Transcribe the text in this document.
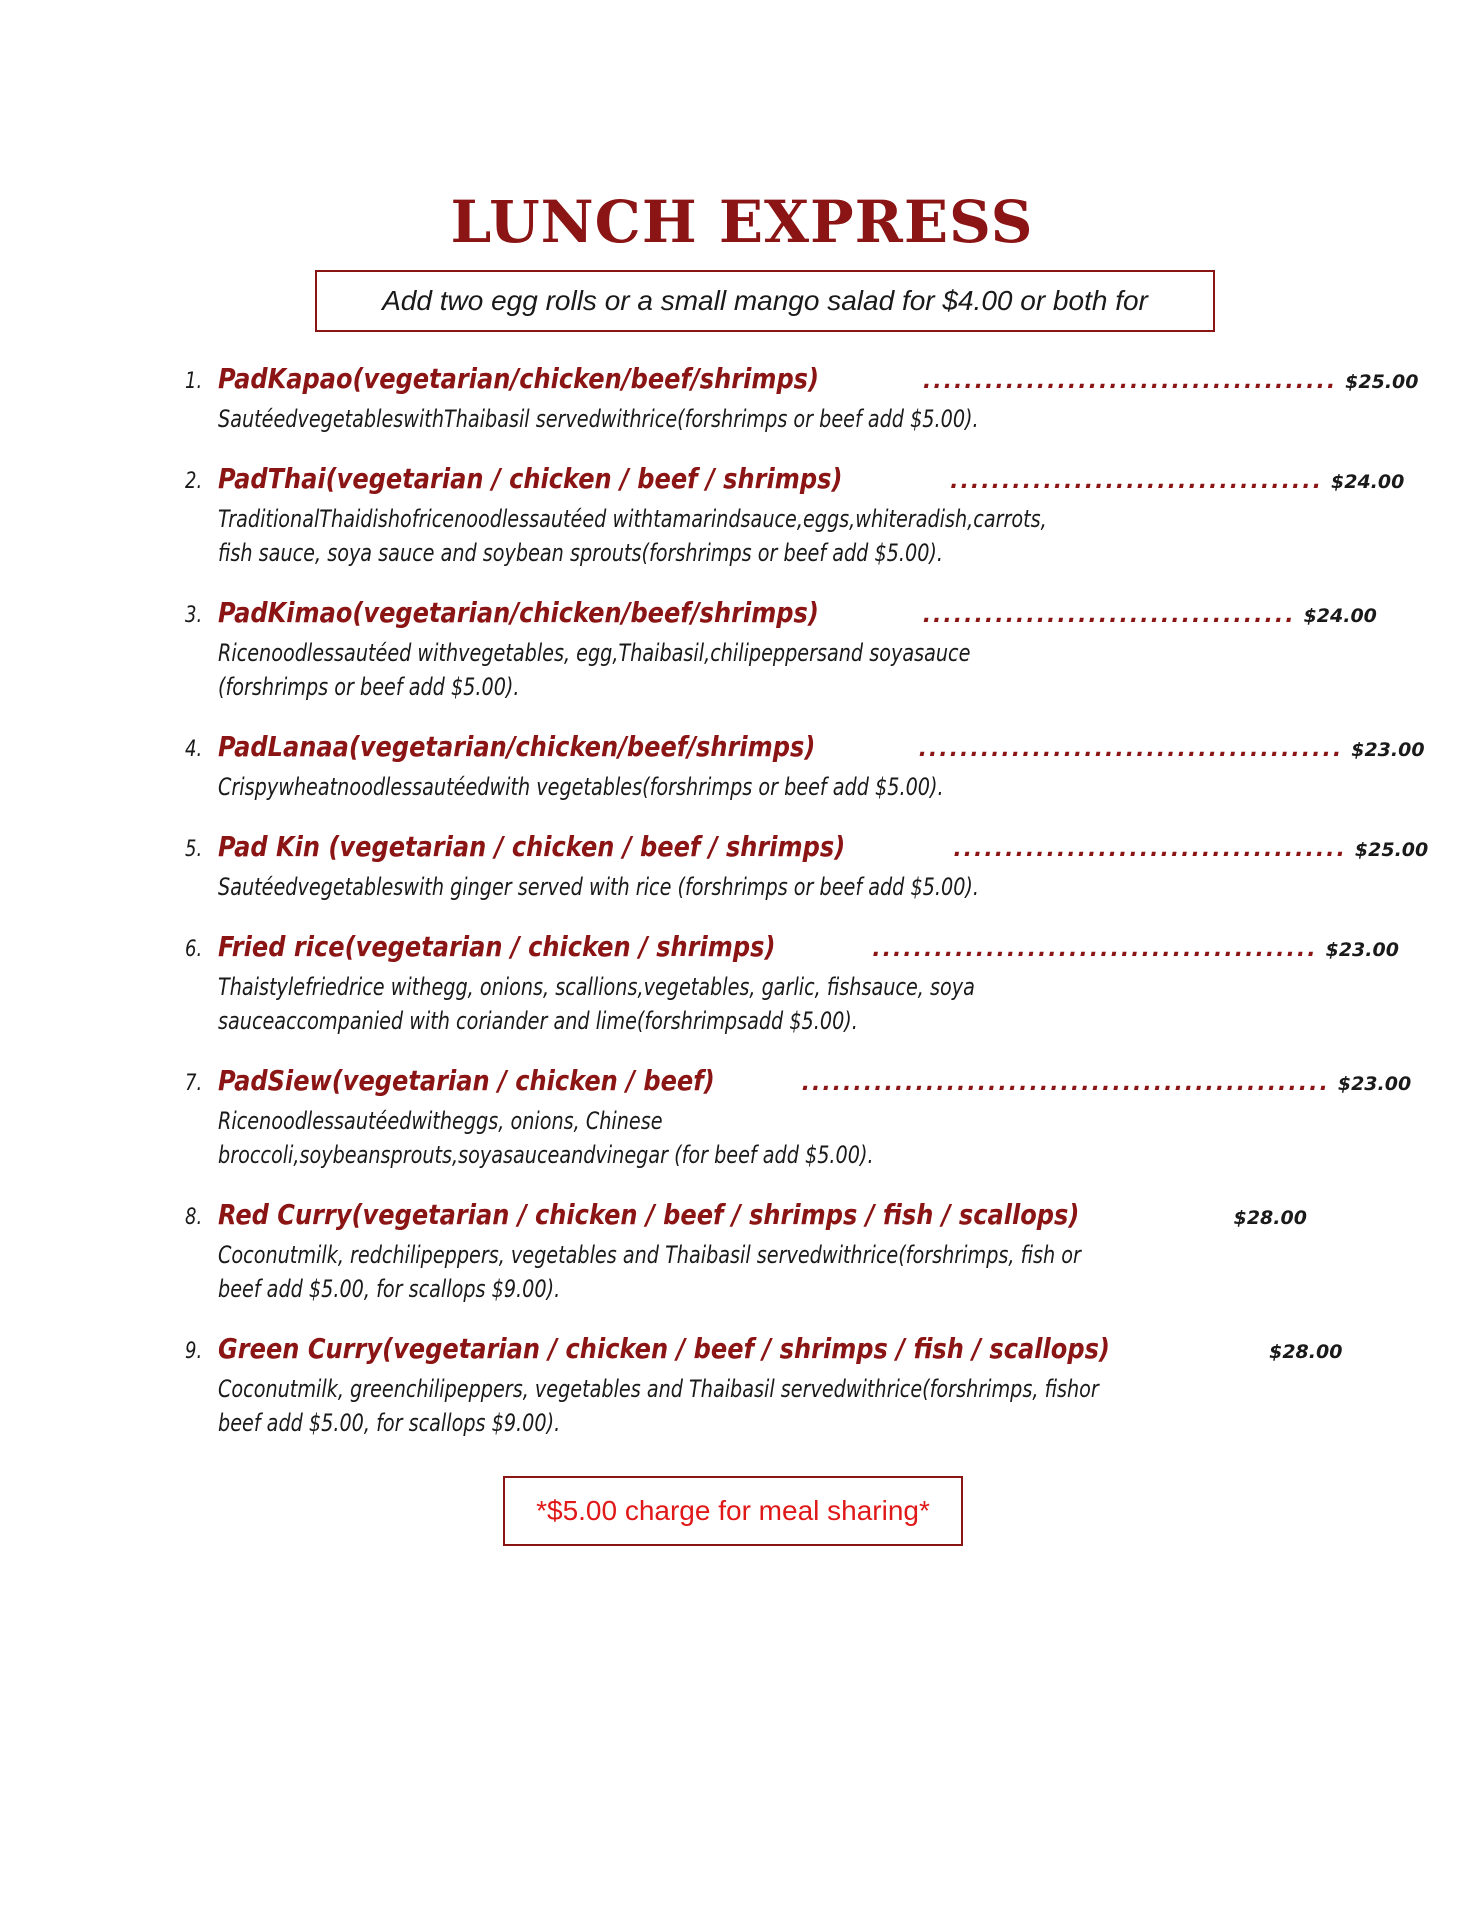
LUNCH EXPRESS
Add two egg rolls or a small mango salad for $4.00 or both for
1. PadKapao(vegetarian/chicken/beef/shrimps)	........................................ $25.00
SautéedvegetableswithThaibasil servedwithrice(forshrimps or beef add $5.00).
2. PadThai(vegetarian / chicken / beef / shrimps)	.................................... $24.00
TraditionalThaidishofricenoodlessautéed withtamarindsauce,eggs,whiteradish,carrots,
fish sauce, soya sauce and soybean sprouts(forshrimps or beef add $5.00).
3. PadKimao(vegetarian/chicken/beef/shrimps)	.................................... $24.00
Ricenoodlessautéed withvegetables, egg,Thaibasil,chilipeppersand soyasauce
(forshrimps or beef add $5.00).
4. PadLanaa(vegetarian/chicken/beef/shrimps)	......................................... $23.00
Crispywheatnoodlessautéedwith vegetables(forshrimps or beef add $5.00).
5. Pad Kin (vegetarian / chicken / beef / shrimps)	...................................... $25.00
Sautéedvegetableswith ginger served with rice (forshrimps or beef add $5.00).
6. Fried rice(vegetarian / chicken / shrimps)	........................................... $23.00
Thaistylefriedrice withegg, onions, scallions,vegetables, garlic, fishsauce, soya
sauceaccompanied with coriander and lime(forshrimpsadd $5.00).
7. PadSiew(vegetarian / chicken / beef)	................................................... $23.00
Ricenoodlessautéedwitheggs, onions, Chinese
broccoli,soybeansprouts,soyasauceandvinegar (for beef add $5.00).
8. Red Curry(vegetarian / chicken / beef / shrimps / fish / scallops)	$28.00
Coconutmilk, redchilipeppers, vegetables and Thaibasil servedwithrice(forshrimps, fish or
beef add $5.00, for scallops $9.00).
9. Green Curry(vegetarian / chicken / beef / shrimps / fish / scallops)	$28.00
Coconutmilk, greenchilipeppers, vegetables and Thaibasil servedwithrice(forshrimps, fishor
beef add $5.00, for scallops $9.00).
*$5.00 charge for meal sharing*
